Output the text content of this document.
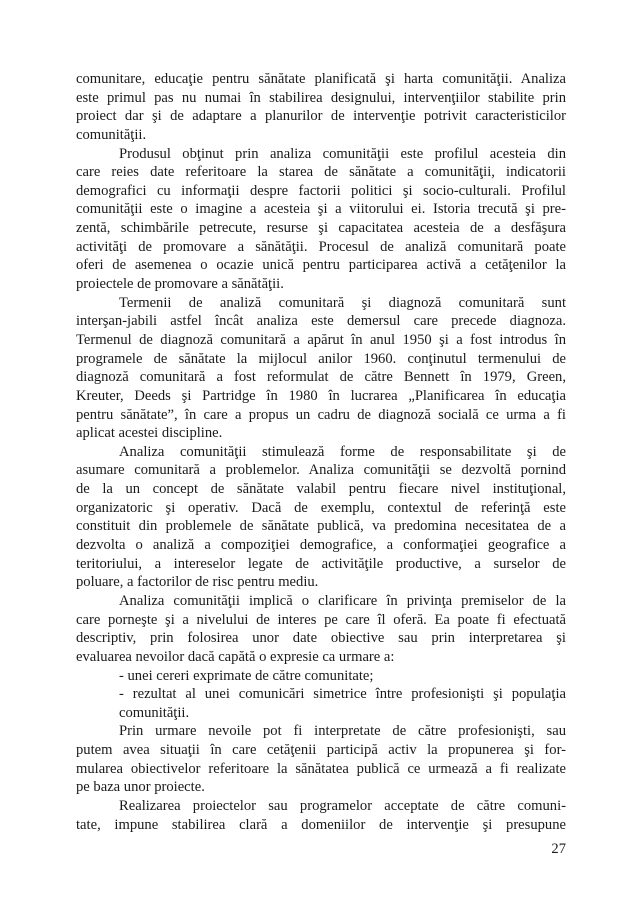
comunitare, educaţie pentru sănătate planificată şi harta comunităţii. Analiza
este primul pas nu numai în stabilirea designului, intervenţiilor stabilite prin
proiect dar şi de adaptare a planurilor de intervenţie potrivit caracteristicilor
comunităţii.
Produsul obţinut prin analiza comunităţii este profilul acesteia din
care reies date referitoare la starea de sănătate a comunităţii, indicatorii
demografici cu informaţii despre factorii politici şi socio-culturali. Profilul
comunităţii este o imagine a acesteia şi a viitorului ei. Istoria trecută şi pre-
zentă, schimbările petrecute, resurse şi capacitatea acesteia de a desfăşura
activităţi de promovare a sănătăţii. Procesul de analiză comunitară poate
oferi de asemenea o ocazie unică pentru participarea activă a cetăţenilor la
proiectele de promovare a sănătăţii.
Termenii de analiză comunitară şi diagnoză comunitară sunt
interşan-jabili astfel încât analiza este demersul care precede diagnoza.
Termenul de diagnoză comunitară a apărut în anul 1950 şi a fost introdus în
programele de sănătate la mijlocul anilor 1960. conţinutul termenului de
diagnoză comunitară a fost reformulat de către Bennett în 1979, Green,
Kreuter, Deeds şi Partridge în 1980 în lucrarea „Planificarea în educaţia
pentru sănătate”, în care a propus un cadru de diagnoză socială ce urma a fi
aplicat acestei discipline.
Analiza comunităţii stimulează forme de responsabilitate şi de
asumare comunitară a problemelor. Analiza comunităţii se dezvoltă pornind
de la un concept de sănătate valabil pentru fiecare nivel instituţional,
organizatoric şi operativ. Dacă de exemplu, contextul de referinţă este
constituit din problemele de sănătate publică, va predomina necesitatea de a
dezvolta o analiză a compoziţiei demografice, a conformaţiei geografice a
teritoriului, a intereselor legate de activităţile productive, a surselor de
poluare, a factorilor de risc pentru mediu.
Analiza comunităţii implică o clarificare în privinţa premiselor de la
care porneşte şi a nivelului de interes pe care îl oferă. Ea poate fi efectuată
descriptiv, prin folosirea unor date obiective sau prin interpretarea şi
evaluarea nevoilor dacă capătă o expresie ca urmare a:
- unei cereri exprimate de către comunitate;
- rezultat al unei comunicări simetrice între profesionişti şi populaţia
comunităţii.
Prin urmare nevoile pot fi interpretate de către profesionişti, sau
putem avea situaţii în care cetăţenii participă activ la propunerea şi for-
mularea obiectivelor referitoare la sănătatea publică ce urmează a fi realizate
pe baza unor proiecte.
Realizarea proiectelor sau programelor acceptate de către comuni-
tate, impune stabilirea clară a domeniilor de intervenţie şi presupune
27
